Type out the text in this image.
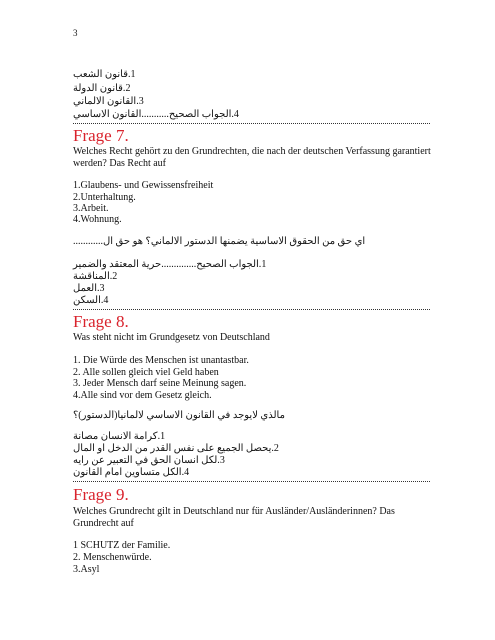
3
1.قانون الشعب
2.قانون الدولة
3.القانون الالماني
4.الجواب الصحيح...........القانون الاساسي
Frage 7.
Welches Recht gehört zu den Grundrechten, die nach der deutschen Verfassung garantiert
werden? Das Recht auf
1.Glaubens- und Gewissensfreiheit
2.Unterhaltung.
3.Arbeit.
4.Wohnung.
اي حق من الحقوق الاساسية يضمنها الدستور الالماني؟ هو حق ال............
1.الجواب الصحيح..............حرية المعتقد والضمير
2.المناقشة
3.العمل
4.السكن
Frage 8.
Was steht nicht im Grundgesetz von Deutschland
1. Die Würde des Menschen ist unantastbar.
2. Alle sollen gleich viel Geld haben
3. Jeder Mensch darf seine Meinung sagen.
4.Alle sind vor dem Gesetz gleich.
مالذي لايوجد في القانون الاساسي لالمانيا(الدستور)؟
1.كرامة الانسان مصانة
2.يحصل الجميع على نفس القدر من الدخل او المال
3.لكل انسان الحق في التعبير عن رايه
4.الكل متساوين امام القانون
Frage 9.
Welches Grundrecht gilt in Deutschland nur für Ausländer/Ausländerinnen? Das
Grundrecht auf
1 SCHUTZ der Familie.
2. Menschenwürde.
3.Asyl
